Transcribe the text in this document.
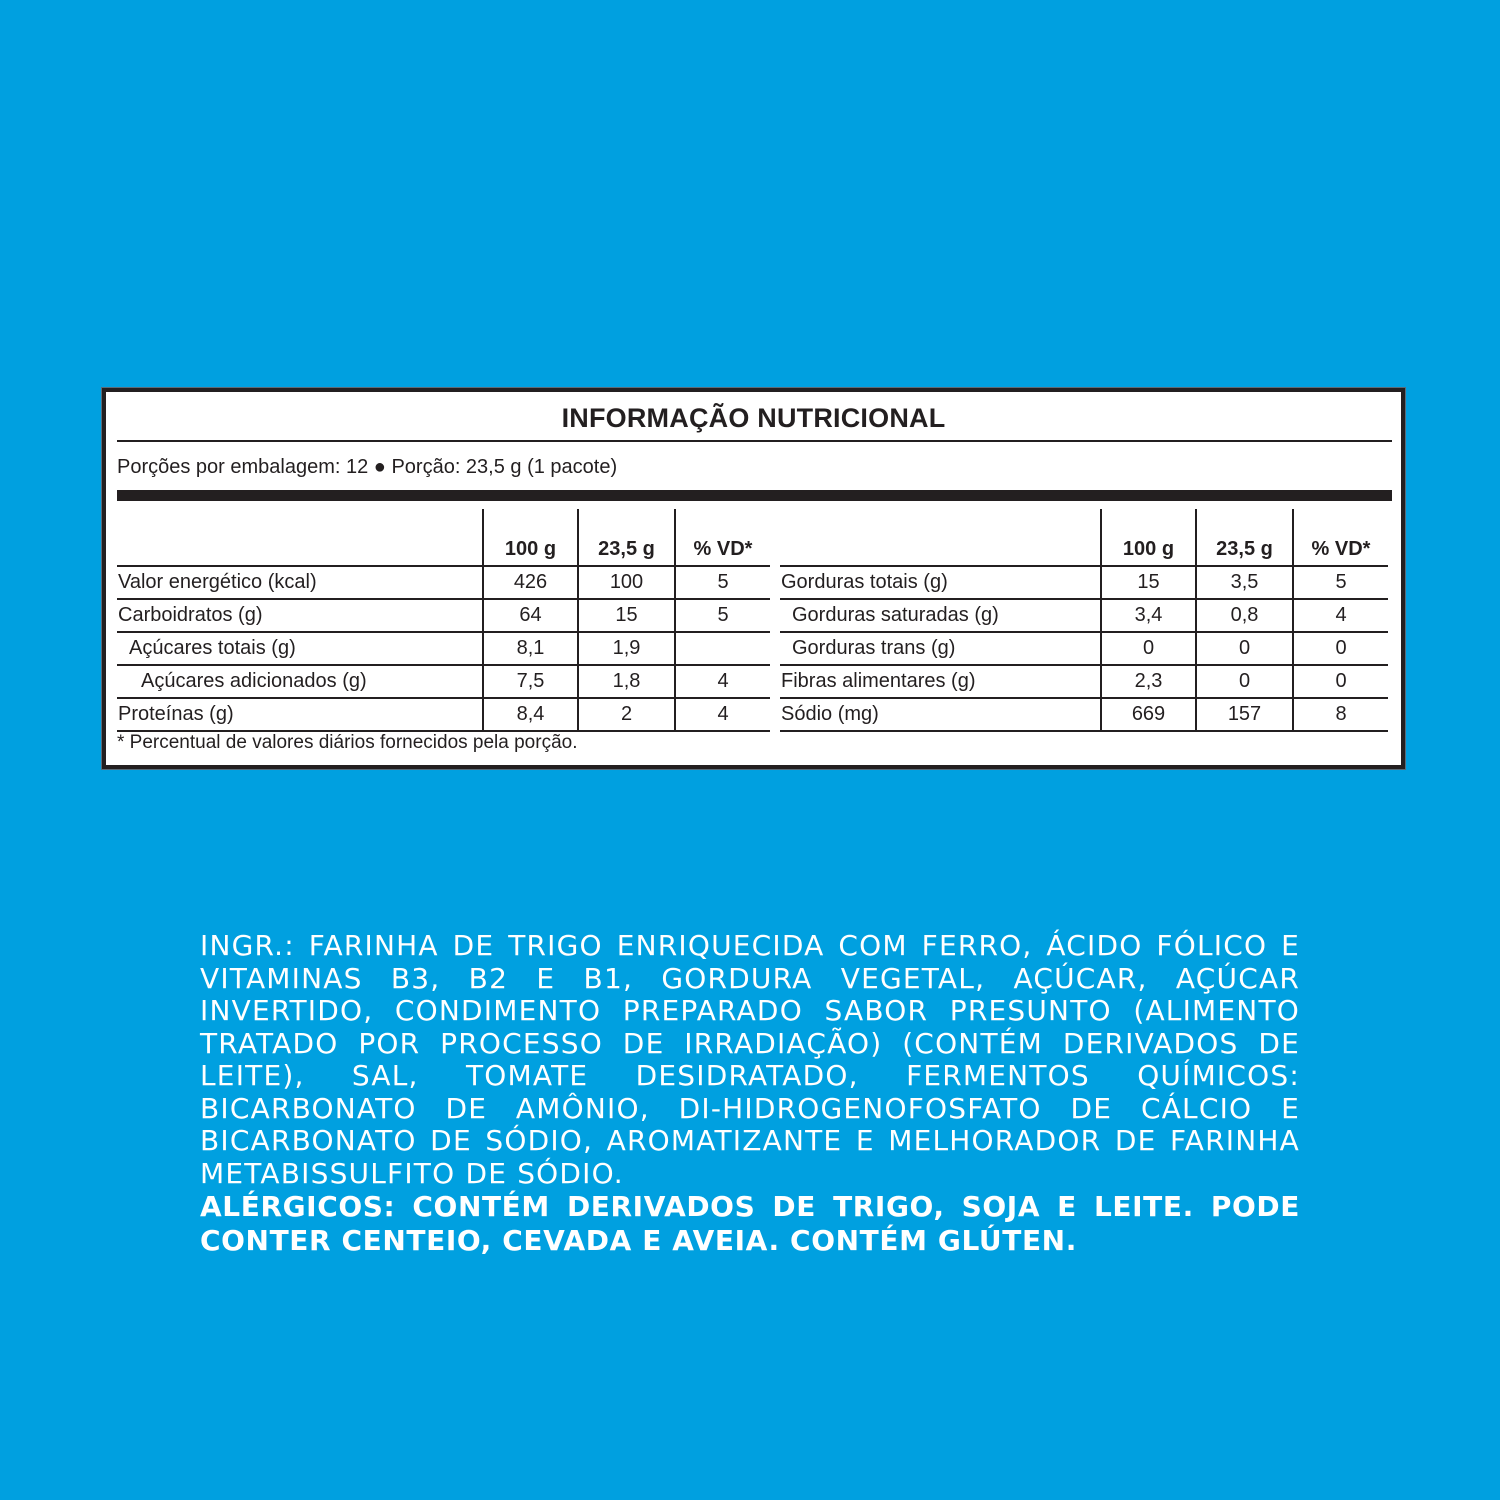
INFORMAÇÃO NUTRICIONAL
Porções por embalagem: 12 ● Porção: 23,5 g (1 pacote)
	100 g	23,5 g	% VD*
Valor energético (kcal)	426	100	5
Carboidratos (g)	64	15	5
Açúcares totais (g)	8,1	1,9	
Açúcares adicionados (g)	7,5	1,8	4
Proteínas (g)	8,4	2	4
	100 g	23,5 g	% VD*
Gorduras totais (g)	15	3,5	5
Gorduras saturadas (g)	3,4	0,8	4
Gorduras trans (g)	0	0	0
Fibras alimentares (g)	2,3	0	0
Sódio (mg)	669	157	8
* Percentual de valores diários fornecidos pela porção.
INGR.: FARINHA DE TRIGO ENRIQUECIDA COM FERRO, ÁCIDO FÓLICO E VITAMINAS B3, B2 E B1, GORDURA VEGETAL, AÇÚCAR, AÇÚCAR INVERTIDO, CONDIMENTO PREPARADO SABOR PRESUNTO (ALIMENTO TRATADO POR PROCESSO DE IRRADIAÇÃO) (CONTÉM DERIVADOS DE LEITE), SAL, TOMATE DESIDRATADO, FERMENTOS QUÍMICOS: BICARBONATO DE AMÔNIO, DI-HIDROGENOFOSFATO DE CÁLCIO E BICARBONATO DE SÓDIO, AROMATIZANTE E MELHORADOR DE FARINHA METABISSULFITO DE SÓDIO.
ALÉRGICOS: CONTÉM DERIVADOS DE TRIGO, SOJA E LEITE. PODE CONTER CENTEIO, CEVADA E AVEIA. CONTÉM GLÚTEN.
